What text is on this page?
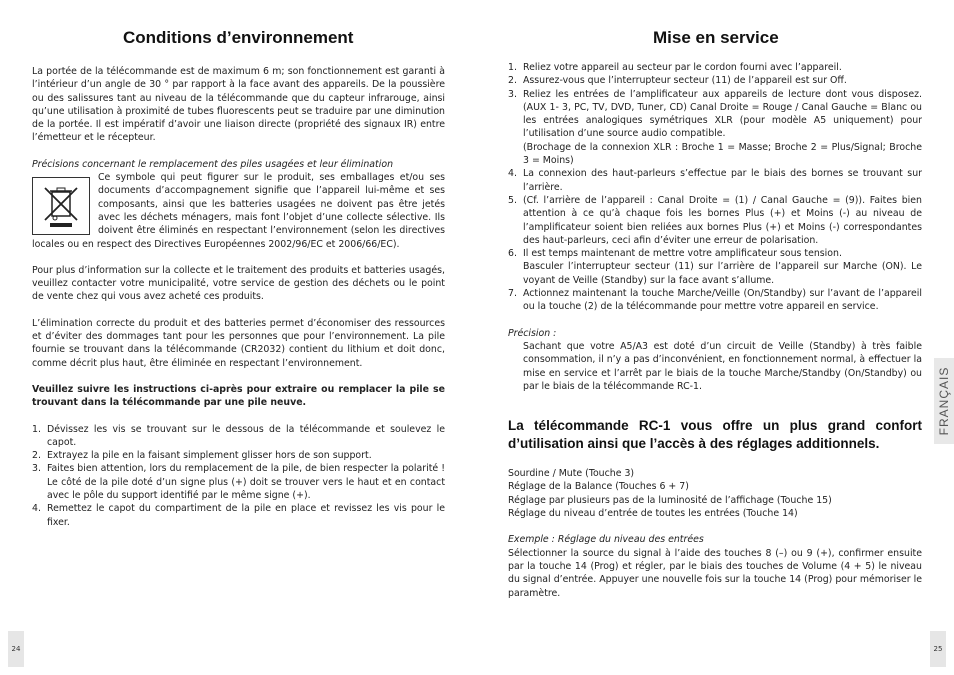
Conditions d’environnement

La portée de la télécommande est de maximum 6 m; son fonctionnement est garanti à l’intérieur d’un angle de 30 ° par rapport à la face avant des appareils. De la poussière ou des salissures tant au niveau de la télécommande que du capteur infrarouge, ainsi qu’une utilisation à proximité de tubes fluorescents peut se traduire par une diminution de la portée. Il est impératif d’avoir une liaison directe (propriété des signaux IR) entre l’émetteur et le récepteur.

Précisions concernant le remplacement des piles usagées et leur élimination

Ce symbole qui peut figurer sur le produit, ses emballages et/ou ses documents d’accompagnement signifie que l’appareil lui-même et ses composants, ainsi que les batteries usagées ne doivent pas être jetés avec les déchets ménagers, mais font l’objet d’une collecte sélective. Ils doivent être éliminés en respectant l’environnement (selon les directives locales ou en respect des Directives Européennes 2002/96/EC et 2006/66/EC).

Pour plus d’information sur la collecte et le traitement des produits et batteries usagés, veuillez contacter votre municipalité, votre service de gestion des déchets ou le point de vente chez qui vous avez acheté ces produits.

L’élimination correcte du produit et des batteries permet d’économiser des ressources et d’éviter des dommages tant pour les personnes que pour l’environnement. La pile fournie se trouvant dans la télécommande (CR2032) contient du lithium et doit donc, comme décrit plus haut, être éliminée en respectant l’environnement.

Veuillez suivre les instructions ci-après pour extraire ou remplacer la pile se trouvant dans la télécommande par une pile neuve.

1. Dévissez les vis se trouvant sur le dessous de la télécommande et soulevez le capot.
2. Extrayez la pile en la faisant simplement glisser hors de son support.
3. Faites bien attention, lors du remplacement de la pile, de bien respecter la polarité ! Le côté de la pile doté d’un signe plus (+) doit se trouver vers le haut et en contact avec le pôle du support identifié par le même signe (+).
4. Remettez le capot du compartiment de la pile en place et revissez les vis pour le fixer.
24
Mise en service
1. Reliez votre appareil au secteur par le cordon fourni avec l’appareil.
2. Assurez-vous que l’interrupteur secteur (11) de l’appareil est sur Off.
3. Reliez les entrées de l’amplificateur aux appareils de lecture dont vous disposez. (AUX 1- 3, PC, TV, DVD, Tuner, CD) Canal Droite = Rouge / Canal Gauche = Blanc ou les entrées analogiques symétriques XLR (pour modèle A5 uniquement) pour l’utilisation d’une source audio compatible.
(Brochage de la connexion XLR : Broche 1 = Masse; Broche 2 = Plus/Signal; Broche 3 = Moins)
4. La connexion des haut-parleurs s’effectue par le biais des bornes se trouvant sur l’arrière.
5. (Cf. l’arrière de l’appareil : Canal Droite = (1) / Canal Gauche = (9)). Faites bien attention à ce qu’à chaque fois les bornes Plus (+) et Moins (-) au niveau de l’amplificateur soient bien reliées aux bornes Plus (+) et Moins (-) correspondantes des haut-parleurs, ceci afin d’éviter une erreur de polarisation.
6. Il est temps maintenant de mettre votre amplificateur sous tension.
Basculer l’interrupteur secteur (11) sur l’arrière de l’appareil sur Marche (ON). Le voyant de Veille (Standby) sur la face avant s’allume.
7. Actionnez maintenant la touche Marche/Veille (On/Standby) sur l’avant de l’appareil ou la touche (2) de la télécommande pour mettre votre appareil en service.

Précision :

Sachant que votre A5/A3 est doté d’un circuit de Veille (Standby) à très faible consommation, il n’y a pas d’inconvénient, en fonctionnement normal, à effectuer la mise en service et l’arrêt par le biais de la touche Marche/Standby (On/Standby) ou par le biais de la télécommande RC-1.

La télécommande RC-1 vous offre un plus grand confort d’utilisation ainsi que l’accès à des réglages additionnels.

Sourdine / Mute (Touche 3)

Réglage de la Balance (Touches 6 + 7)

Réglage par plusieurs pas de la luminosité de l’affichage (Touche 15)

Réglage du niveau d’entrée de toutes les entrées (Touche 14)

Exemple : Réglage du niveau des entrées

Sélectionner la source du signal à l’aide des touches 8 (–) ou 9 (+), confirmer ensuite par la touche 14 (Prog) et régler, par le biais des touches de Volume (4 + 5) le niveau du signal d’entrée. Appuyer une nouvelle fois sur la touche 14 (Prog) pour mémoriser le paramètre.

FRANÇAIS
25
